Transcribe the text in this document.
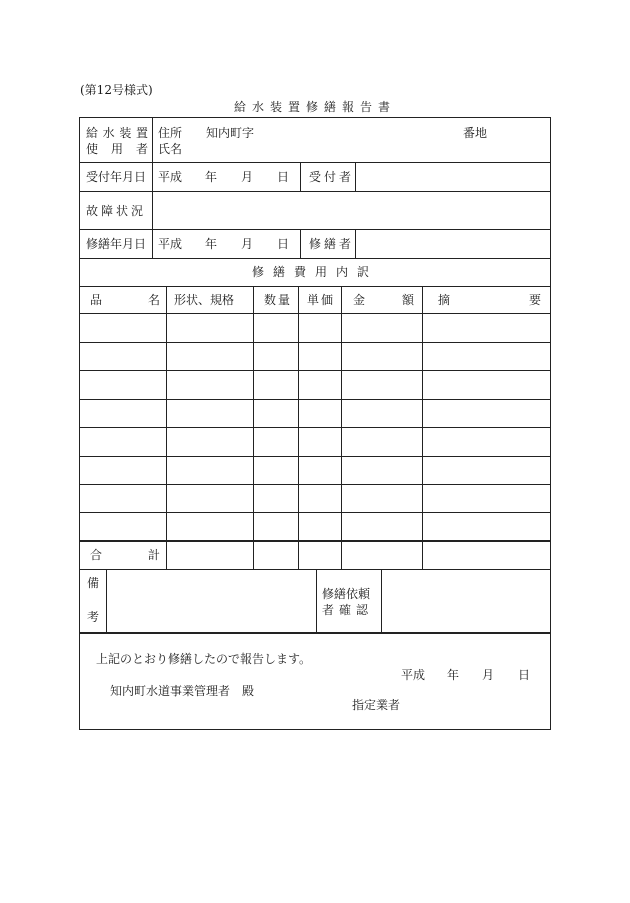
(第12号様式)
給水装置修繕報告書
給 水 装 置
使 用 者
住所 知内町字	番地
氏名
受付年月日 平成 年 月 日 受付者
故障状況
修繕年月日 平成 年 月 日 修繕者
修繕費用内訳
品	名 形状、規格 数量 単価 金	額 摘	要
合	計
備
考
修繕依頼
者確認
上記のとおり修繕したので報告します。
平成 年 月 日
知内町水道事業管理者　殿
指定業者
